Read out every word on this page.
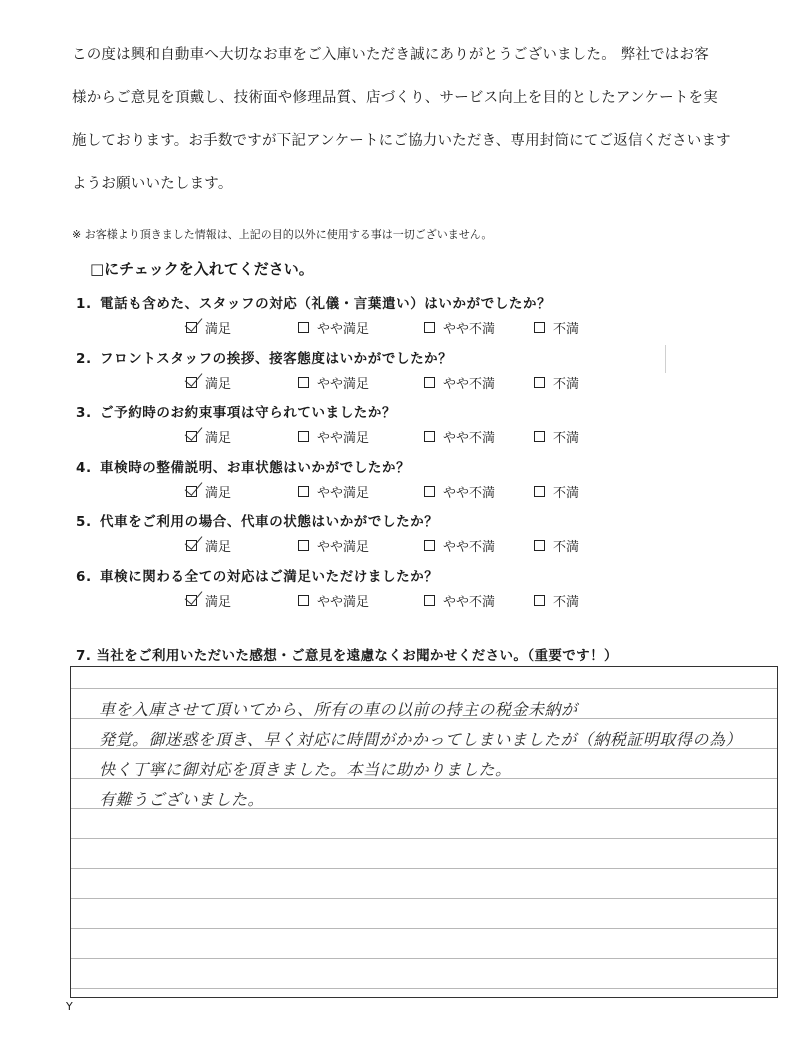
この度は興和自動車へ大切なお車をご入庫いただき誠にありがとうございました。 弊社ではお客
様からご意見を頂戴し、技術面や修理品質、店づくり、サービス向上を目的としたアンケートを実
施しております。お手数ですが下記アンケートにご協力いただき、専用封筒にてご返信くださいます
ようお願いいたします。
※ お客様より頂きました情報は、上記の目的以外に使用する事は一切ございません。
□にチェックを入れてください。
1. 電話も含めた、スタッフの対応（礼儀・言葉遣い）はいかがでしたか？
満足	やや満足	やや不満	不満
2. フロントスタッフの挨拶、接客態度はいかがでしたか？
満足	やや満足	やや不満	不満
3. ご予約時のお約束事項は守られていましたか？
満足	やや満足	やや不満	不満
4. 車検時の整備説明、お車状態はいかがでしたか？
満足	やや満足	やや不満	不満
5. 代車をご利用の場合、代車の状態はいかがでしたか？
満足	やや満足	やや不満	不満
6. 車検に関わる全ての対応はご満足いただけましたか？
満足	やや満足	やや不満	不満
7. 当社をご利用いただいた感想・ご意見を遠慮なくお聞かせください。（重要です！）
車を入庫させて頂いてから、所有の車の以前の持主の税金未納が
発覚。御迷惑を頂き、早く対応に時間がかかってしまいましたが（納税証明取得の為）
快く丁寧に御対応を頂きました。本当に助かりました。
有難うございました。
Y
